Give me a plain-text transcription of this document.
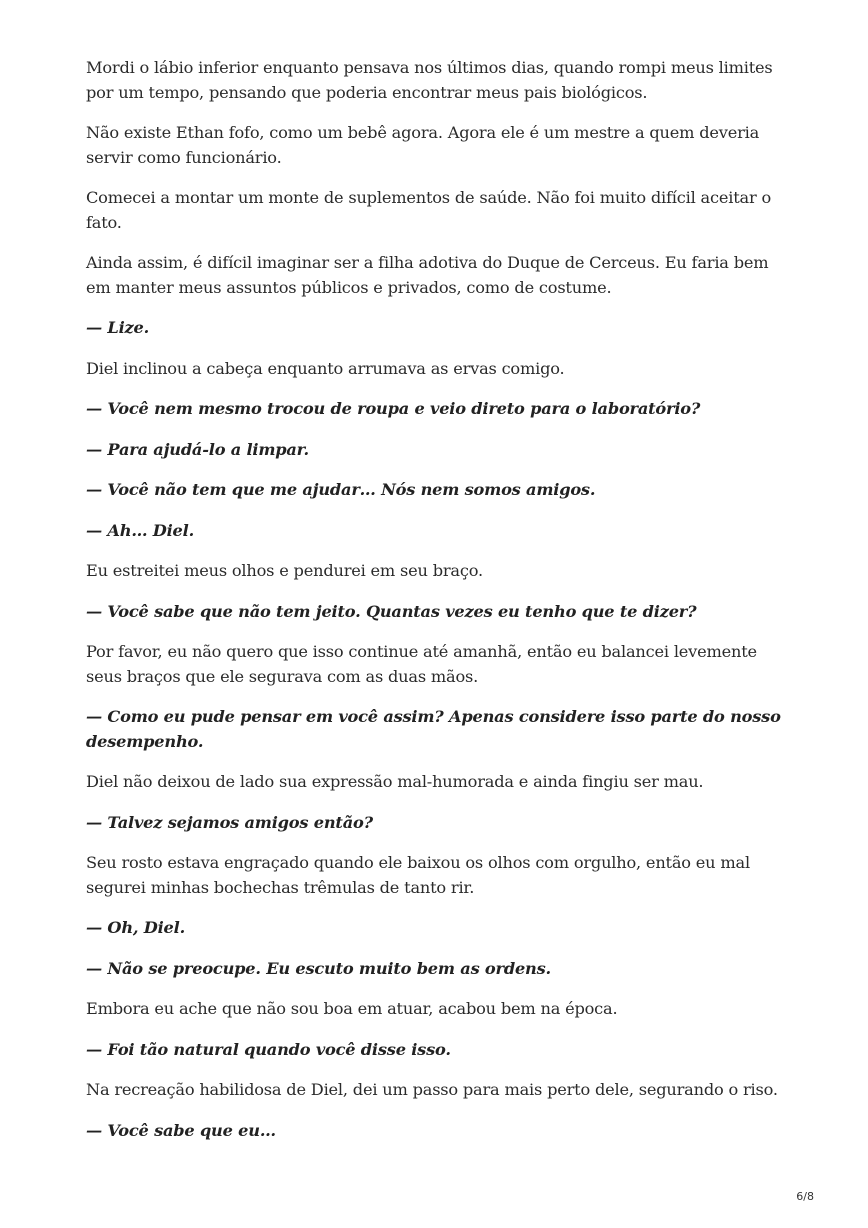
Mordi o lábio inferior enquanto pensava nos últimos dias, quando rompi meus limites por um tempo, pensando que poderia encontrar meus pais biológicos.

Não existe Ethan fofo, como um bebê agora. Agora ele é um mestre a quem deveria servir como funcionário.

Comecei a montar um monte de suplementos de saúde. Não foi muito difícil aceitar o fato.

Ainda assim, é difícil imaginar ser a filha adotiva do Duque de Cerceus. Eu faria bem em manter meus assuntos públicos e privados, como de costume.

— Lize.

Diel inclinou a cabeça enquanto arrumava as ervas comigo.

— Você nem mesmo trocou de roupa e veio direto para o laboratório?

— Para ajudá-lo a limpar.

— Você não tem que me ajudar… Nós nem somos amigos.

— Ah… Diel.

Eu estreitei meus olhos e pendurei em seu braço.

— Você sabe que não tem jeito. Quantas vezes eu tenho que te dizer?

Por favor, eu não quero que isso continue até amanhã, então eu balancei levemente seus braços que ele segurava com as duas mãos.

— Como eu pude pensar em você assim? Apenas considere isso parte do nosso desempenho.

Diel não deixou de lado sua expressão mal-humorada e ainda fingiu ser mau.

— Talvez sejamos amigos então?

Seu rosto estava engraçado quando ele baixou os olhos com orgulho, então eu mal segurei minhas bochechas trêmulas de tanto rir.

— Oh, Diel.

— Não se preocupe. Eu escuto muito bem as ordens.

Embora eu ache que não sou boa em atuar, acabou bem na época.

— Foi tão natural quando você disse isso.

Na recreação habilidosa de Diel, dei um passo para mais perto dele, segurando o riso.

— Você sabe que eu…

6/8
